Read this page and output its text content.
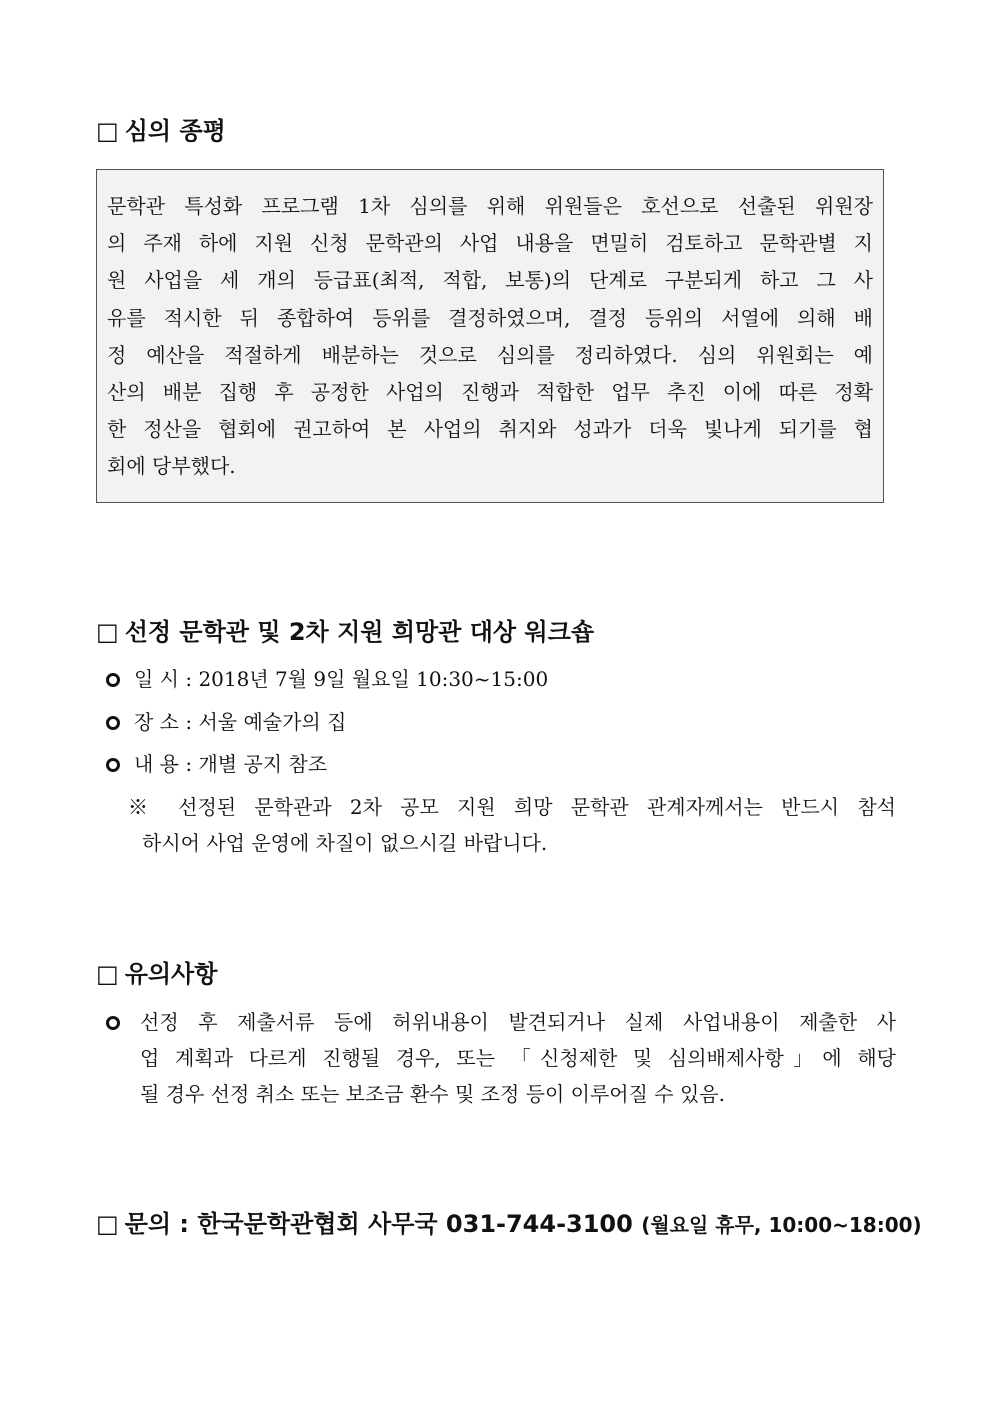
□ 심의 종평
문학관 특성화 프로그램 1차 심의를 위해 위원들은 호선으로 선출된 위원장
의 주재 하에 지원 신청 문학관의 사업 내용을 면밀히 검토하고 문학관별 지
원 사업을 세 개의 등급표(최적, 적합, 보통)의 단계로 구분되게 하고 그 사
유를 적시한 뒤 종합하여 등위를 결정하였으며, 결정 등위의 서열에 의해 배
정 예산을 적절하게 배분하는 것으로 심의를 정리하였다. 심의 위원회는 예
산의 배분 집행 후 공정한 사업의 진행과 적합한 업무 추진 이에 따른 정확
한 정산을 협회에 권고하여 본 사업의 취지와 성과가 더욱 빛나게 되기를 협
회에 당부했다.
□ 선정 문학관 및 2차 지원 희망관 대상 워크숍
일 시 : 2018년 7월 9일 월요일 10:30~15:00
장 소 : 서울 예술가의 집
내 용 : 개별 공지 참조
※ 선정된 문학관과 2차 공모 지원 희망 문학관 관계자께서는 반드시 참석
하시어 사업 운영에 차질이 없으시길 바랍니다.
□ 유의사항
선정 후 제출서류 등에 허위내용이 발견되거나 실제 사업내용이 제출한 사
업 계획과 다르게 진행될 경우, 또는 「신청제한 및 심의배제사항」에 해당
될 경우 선정 취소 또는 보조금 환수 및 조정 등이 이루어질 수 있음.
□ 문의 : 한국문학관협회 사무국 031-744-3100 (월요일 휴무, 10:00~18:00)
